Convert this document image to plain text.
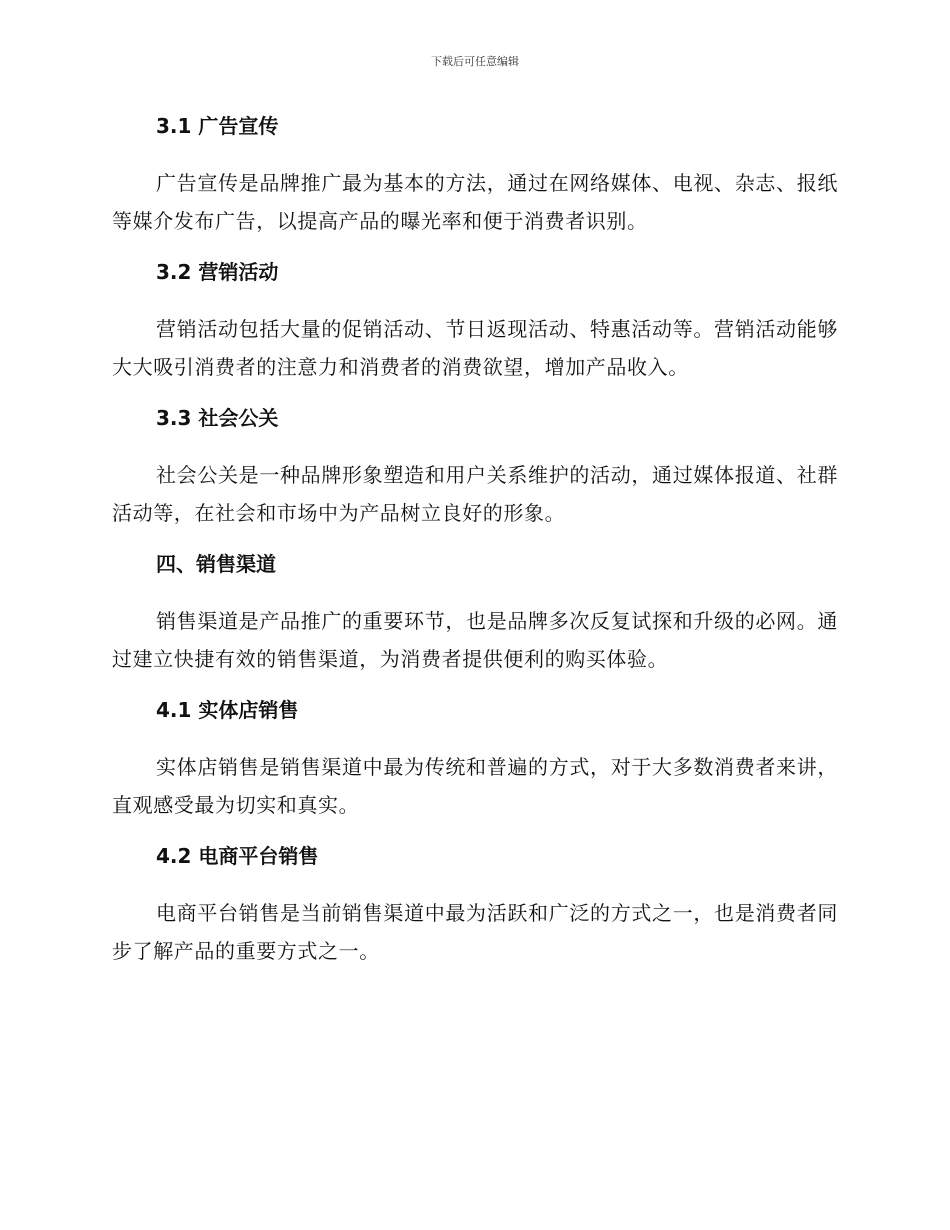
下载后可任意编辑
3.1 广告宣传

广告宣传是品牌推广最为基本的方法，通过在网络媒体、电视、杂志、报纸等媒介发布广告，以提高产品的曝光率和便于消费者识别。

3.2 营销活动

营销活动包括大量的促销活动、节日返现活动、特惠活动等。营销活动能够大大吸引消费者的注意力和消费者的消费欲望，增加产品收入。

3.3 社会公关

社会公关是一种品牌形象塑造和用户关系维护的活动，通过媒体报道、社群活动等，在社会和市场中为产品树立良好的形象。

四、销售渠道

销售渠道是产品推广的重要环节，也是品牌多次反复试探和升级的必网。通过建立快捷有效的销售渠道，为消费者提供便利的购买体验。

4.1 实体店销售

实体店销售是销售渠道中最为传统和普遍的方式，对于大多数消费者来讲，直观感受最为切实和真实。

4.2 电商平台销售

电商平台销售是当前销售渠道中最为活跃和广泛的方式之一，也是消费者同步了解产品的重要方式之一。
